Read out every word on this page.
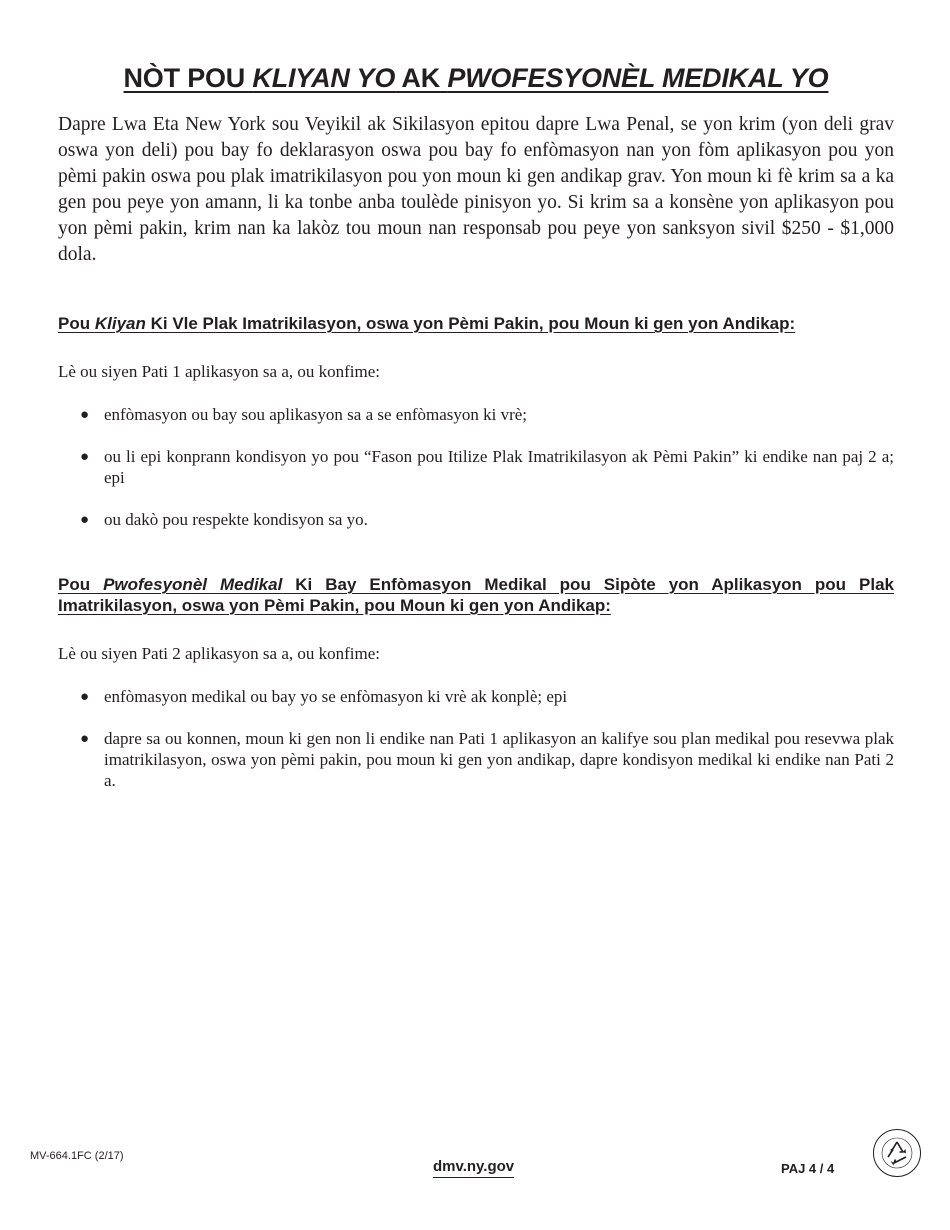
NÒT POU KLIYAN YO AK PWOFESYONÈL MEDIKAL YO

Dapre Lwa Eta New York sou Veyikil ak Sikilasyon epitou dapre Lwa Penal, se yon krim (yon deli grav oswa yon deli) pou bay fo deklarasyon oswa pou bay fo enfòmasyon nan yon fòm aplikasyon pou yon pèmi pakin oswa pou plak imatrikilasyon pou yon moun ki gen andikap grav. Yon moun ki fè krim sa a ka gen pou peye yon amann, li ka tonbe anba toulède pinisyon yo. Si krim sa a konsène yon aplikasyon pou yon pèmi pakin, krim nan ka lakòz tou moun nan responsab pou peye yon sanksyon sivil $250 - $1,000 dola.

Pou Kliyan Ki Vle Plak Imatrikilasyon, oswa yon Pèmi Pakin, pou Moun ki gen yon Andikap:

Lè ou siyen Pati 1 aplikasyon sa a, ou konfime:

● enfòmasyon ou bay sou aplikasyon sa a se enfòmasyon ki vrè;
● ou li epi konprann kondisyon yo pou “Fason pou Itilize Plak Imatrikilasyon ak Pèmi Pakin” ki endike nan paj 2 a; epi
● ou dakò pou respekte kondisyon sa yo.
Pou Pwofesyonèl Medikal Ki Bay Enfòmasyon Medikal pou Sipòte yon Aplikasyon pou Plak Imatrikilasyon, oswa yon Pèmi Pakin, pou Moun ki gen yon Andikap:

Lè ou siyen Pati 2 aplikasyon sa a, ou konfime:

● enfòmasyon medikal ou bay yo se enfòmasyon ki vrè ak konplè; epi
● dapre sa ou konnen, moun ki gen non li endike nan Pati 1 aplikasyon an kalifye sou plan medikal pou resevwa plak imatrikilasyon, oswa yon pèmi pakin, pou moun ki gen yon andikap, dapre kondisyon medikal ki endike nan Pati 2 a.
MV-664.1FC (2/17)
dmv.ny.gov	PAJ 4 / 4
